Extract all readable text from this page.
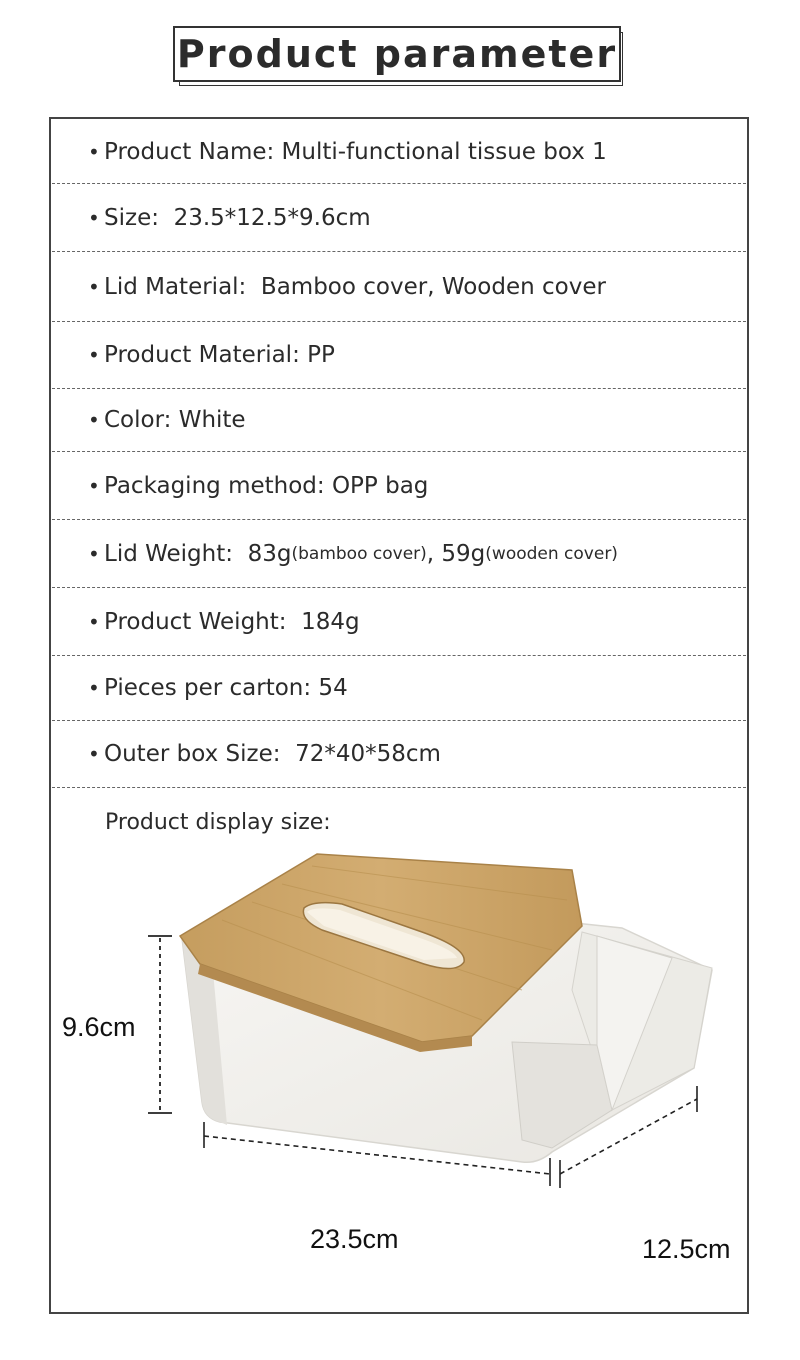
Product parameter
• Product Name: Multi-functional tissue box 1
• Size:  23.5*12.5*9.6cm
• Lid Material:  Bamboo cover, Wooden cover
• Product Material: PP
• Color: White
• Packaging method: OPP bag
• Lid Weight:  83g (bamboo cover) , 59g (wooden cover)
• Product Weight:  184g
• Pieces per carton: 54
• Outer box Size:  72*40*58cm
Product display size:
9.6cm
23.5cm	12.5cm
